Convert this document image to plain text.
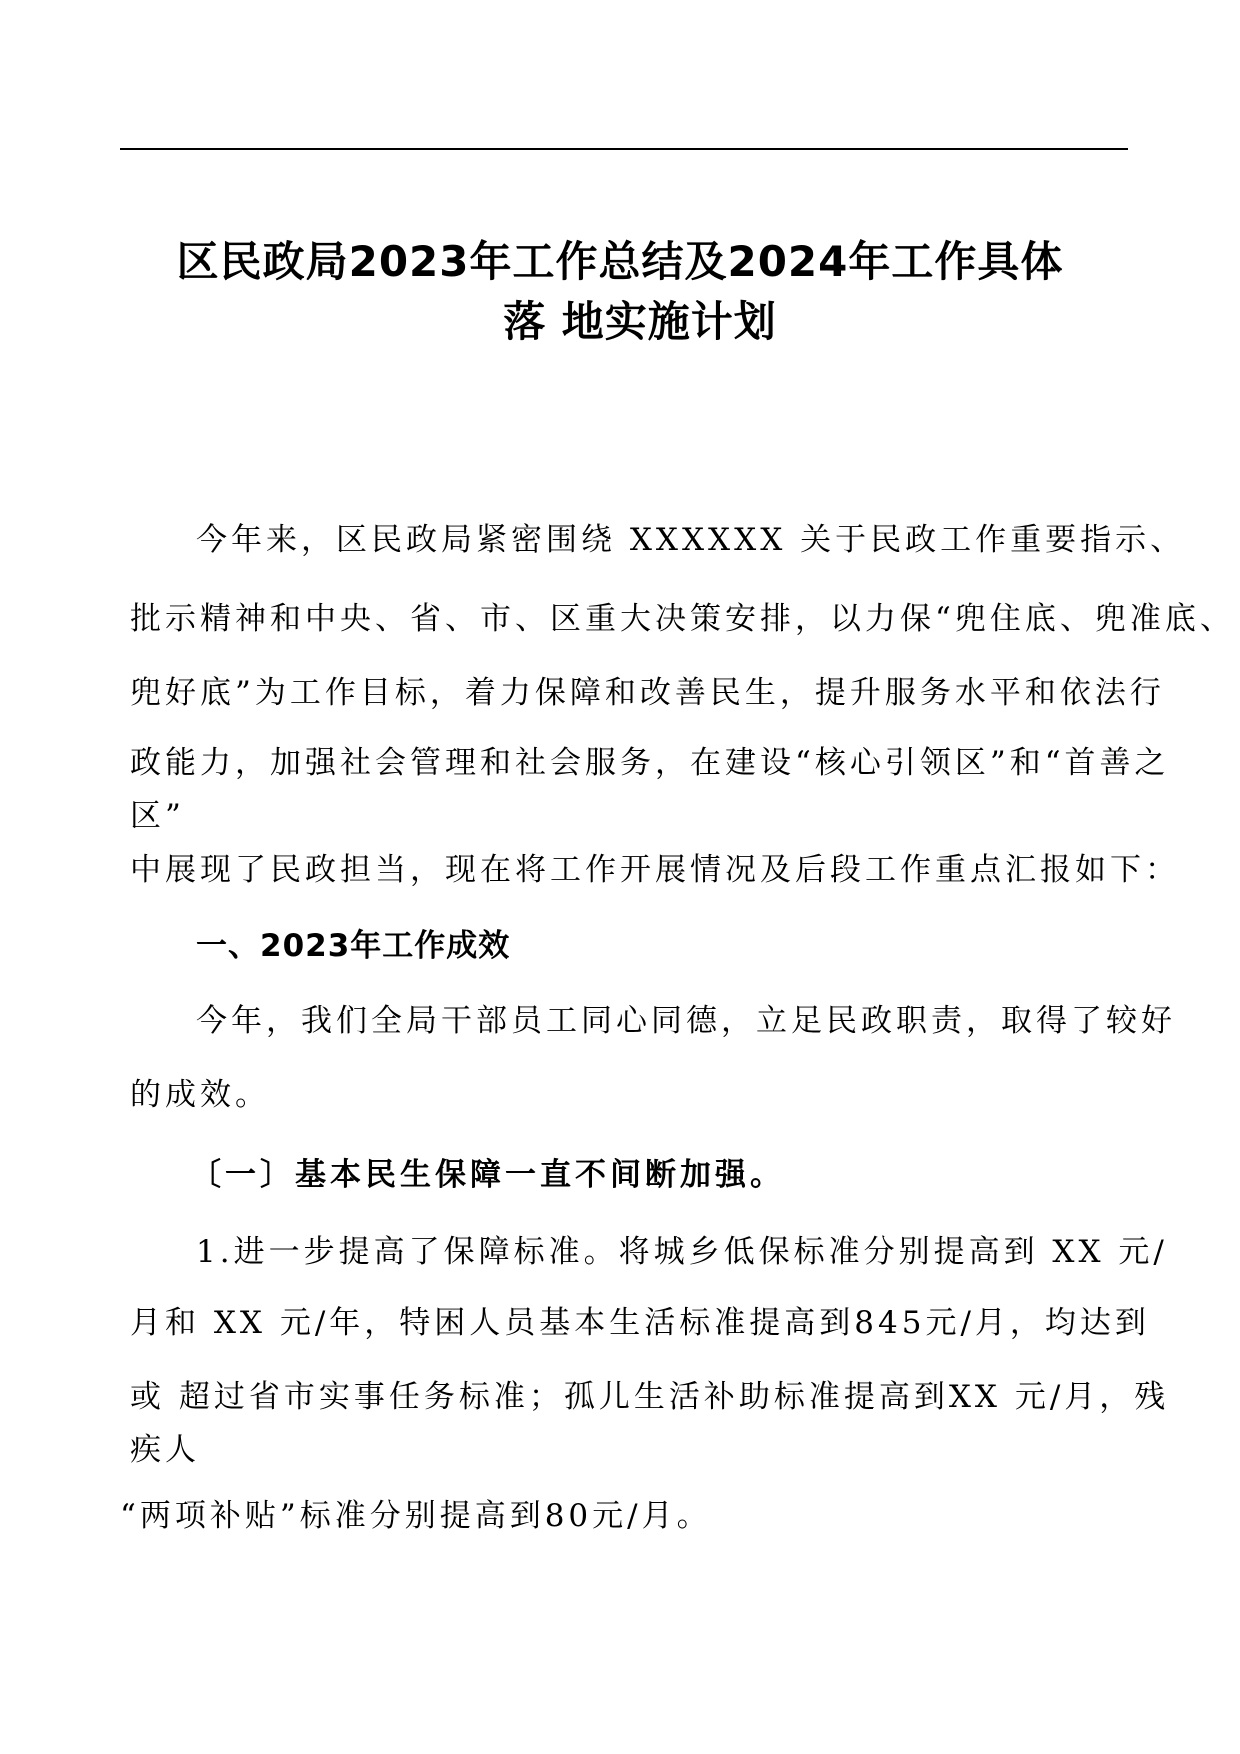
区民政局2023年工作总结及2024年工作具体
落 地实施计划
今年来，区民政局紧密围绕 XXXXXX 关于民政工作重要指示、
批示精神和中央、省、市、区重大决策安排，以力保“兜住底、兜准底、
兜好底”为工作目标，着力保障和改善民生，提升服务水平和依法行
政能力，加强社会管理和社会服务，在建设“核心引领区”和“首善之
区”
中展现了民政担当，现在将工作开展情况及后段工作重点汇报如下：
一、2023年工作成效
今年，我们全局干部员工同心同德，立足民政职责，取得了较好
的成效。
〔一〕基本民生保障一直不间断加强。
1.进一步提高了保障标准。将城乡低保标准分别提高到 XX 元/
月和 XX 元/年，特困人员基本生活标准提高到845元/月，均达到
或 超过省市实事任务标准；孤儿生活补助标准提高到XX 元/月，残
疾人
“两项补贴”标准分别提高到80元/月。
